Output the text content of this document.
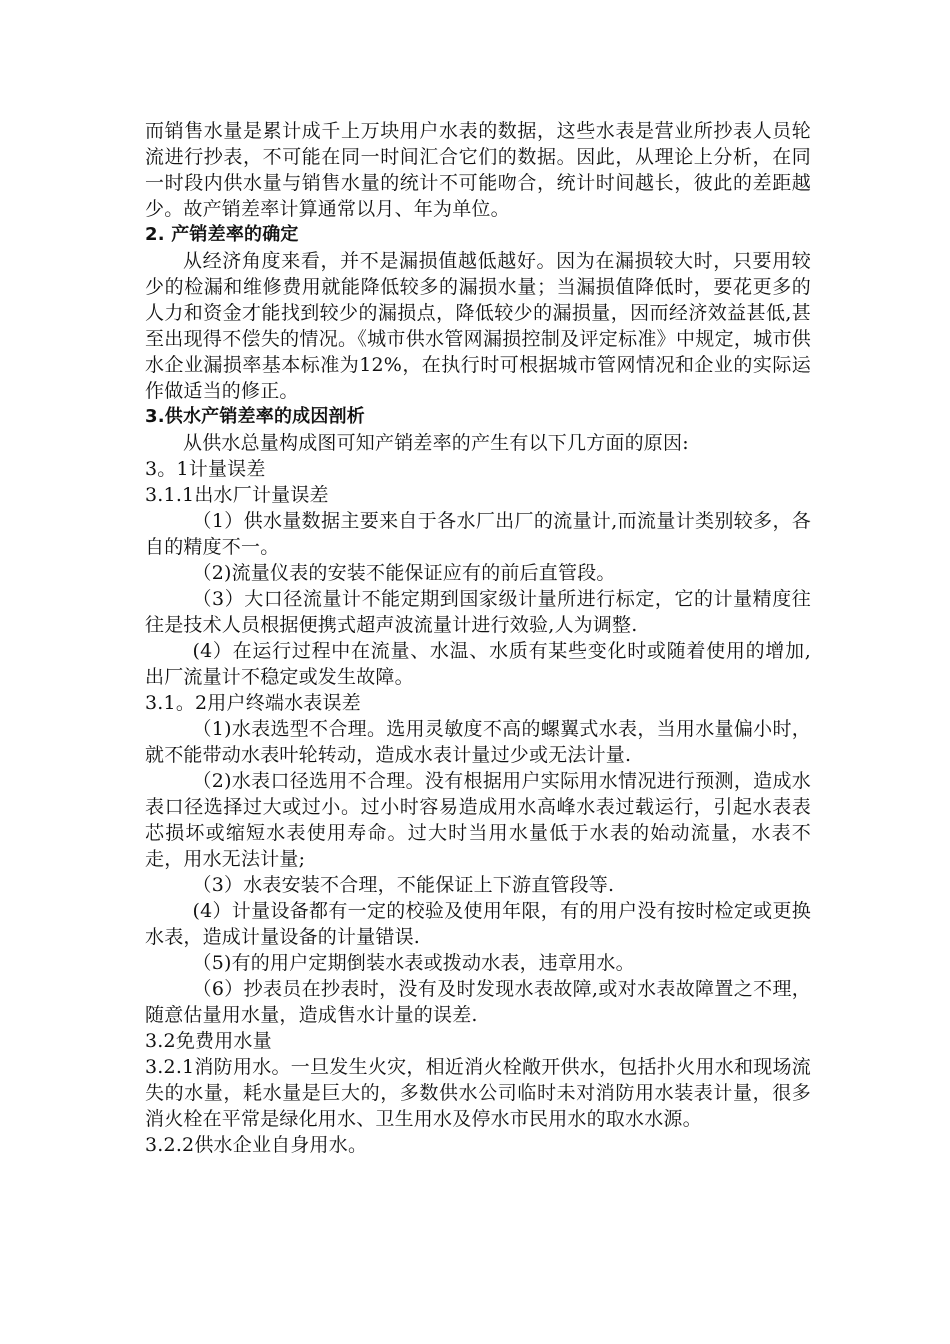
而销售水量是累计成千上万块用户水表的数据，这些水表是营业所抄表人员轮流进行抄表，不可能在同一时间汇合它们的数据。因此，从理论上分析，在同一时段内供水量与销售水量的统计不可能吻合，统计时间越长，彼此的差距越少。故产销差率计算通常以月、年为单位。

2. 产销差率的确定

从经济角度来看，并不是漏损值越低越好。因为在漏损较大时，只要用较少的检漏和维修费用就能降低较多的漏损水量；当漏损值降低时，要花更多的人力和资金才能找到较少的漏损点，降低较少的漏损量，因而经济效益甚低,甚至出现得不偿失的情况。《城市供水管网漏损控制及评定标准》中规定，城市供水企业漏损率基本标准为12%，在执行时可根据城市管网情况和企业的实际运作做适当的修正。

3.供水产销差率的成因剖析

从供水总量构成图可知产销差率的产生有以下几方面的原因:

3。1计量误差

3.1.1出水厂计量误差

（1）供水量数据主要来自于各水厂出厂的流量计,而流量计类别较多，各自的精度不一。

（2)流量仪表的安装不能保证应有的前后直管段。

（3）大口径流量计不能定期到国家级计量所进行标定，它的计量精度往往是技术人员根据便携式超声波流量计进行效验,人为调整.

(4）在运行过程中在流量、水温、水质有某些变化时或随着使用的增加,出厂流量计不稳定或发生故障。

3.1。2用户终端水表误差

（1)水表选型不合理。选用灵敏度不高的螺翼式水表，当用水量偏小时，就不能带动水表叶轮转动，造成水表计量过少或无法计量.

（2)水表口径选用不合理。没有根据用户实际用水情况进行预测，造成水表口径选择过大或过小。过小时容易造成用水高峰水表过载运行，引起水表表芯损坏或缩短水表使用寿命。过大时当用水量低于水表的始动流量，水表不走，用水无法计量;

（3）水表安装不合理，不能保证上下游直管段等.

(4）计量设备都有一定的校验及使用年限，有的用户没有按时检定或更换水表，造成计量设备的计量错误.

（5)有的用户定期倒装水表或拨动水表，违章用水。

（6）抄表员在抄表时，没有及时发现水表故障,或对水表故障置之不理，随意估量用水量，造成售水计量的误差.

3.2免费用水量

3.2.1消防用水。一旦发生火灾，相近消火栓敞开供水，包括扑火用水和现场流失的水量，耗水量是巨大的，多数供水公司临时未对消防用水装表计量，很多消火栓在平常是绿化用水、卫生用水及停水市民用水的取水水源。

3.2.2供水企业自身用水。
